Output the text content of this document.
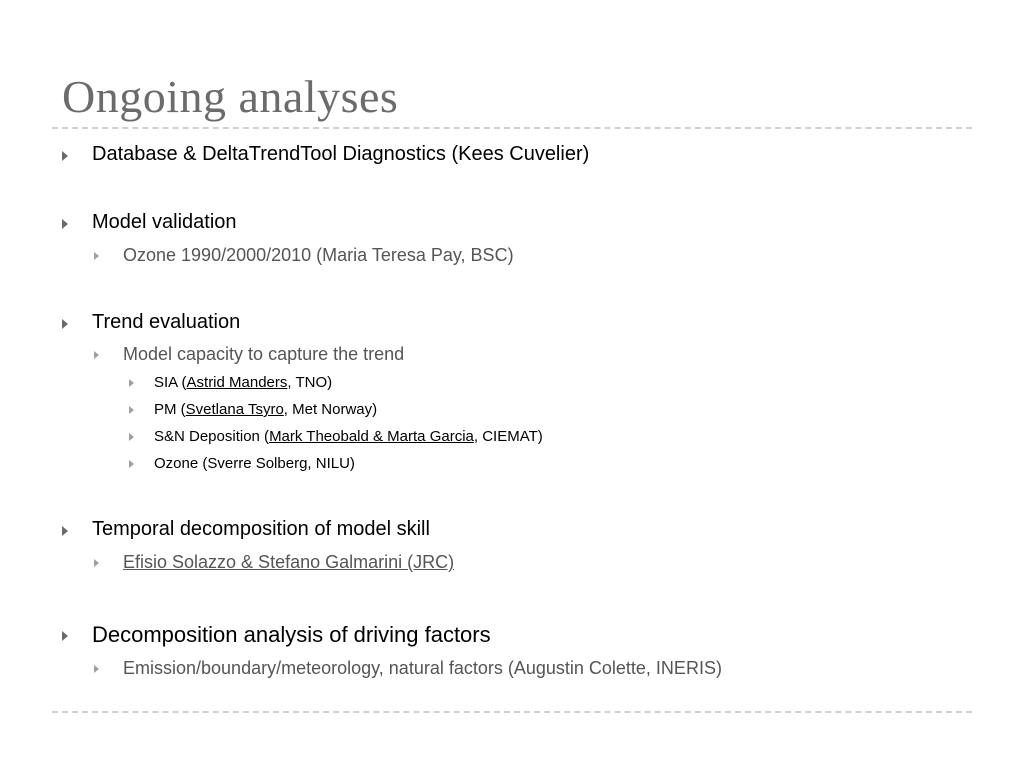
Ongoing analyses
Database & DeltaTrendTool Diagnostics (Kees Cuvelier)
Model validation
Ozone 1990/2000/2010 (Maria Teresa Pay, BSC)
Trend evaluation
Model capacity to capture the trend
SIA (Astrid Manders, TNO)
PM (Svetlana Tsyro, Met Norway)
S&N Deposition (Mark Theobald & Marta Garcia, CIEMAT)
Ozone (Sverre Solberg, NILU)
Temporal decomposition of model skill
Efisio Solazzo & Stefano Galmarini (JRC)
Decomposition analysis of driving factors
Emission/boundary/meteorology, natural factors (Augustin Colette, INERIS)
